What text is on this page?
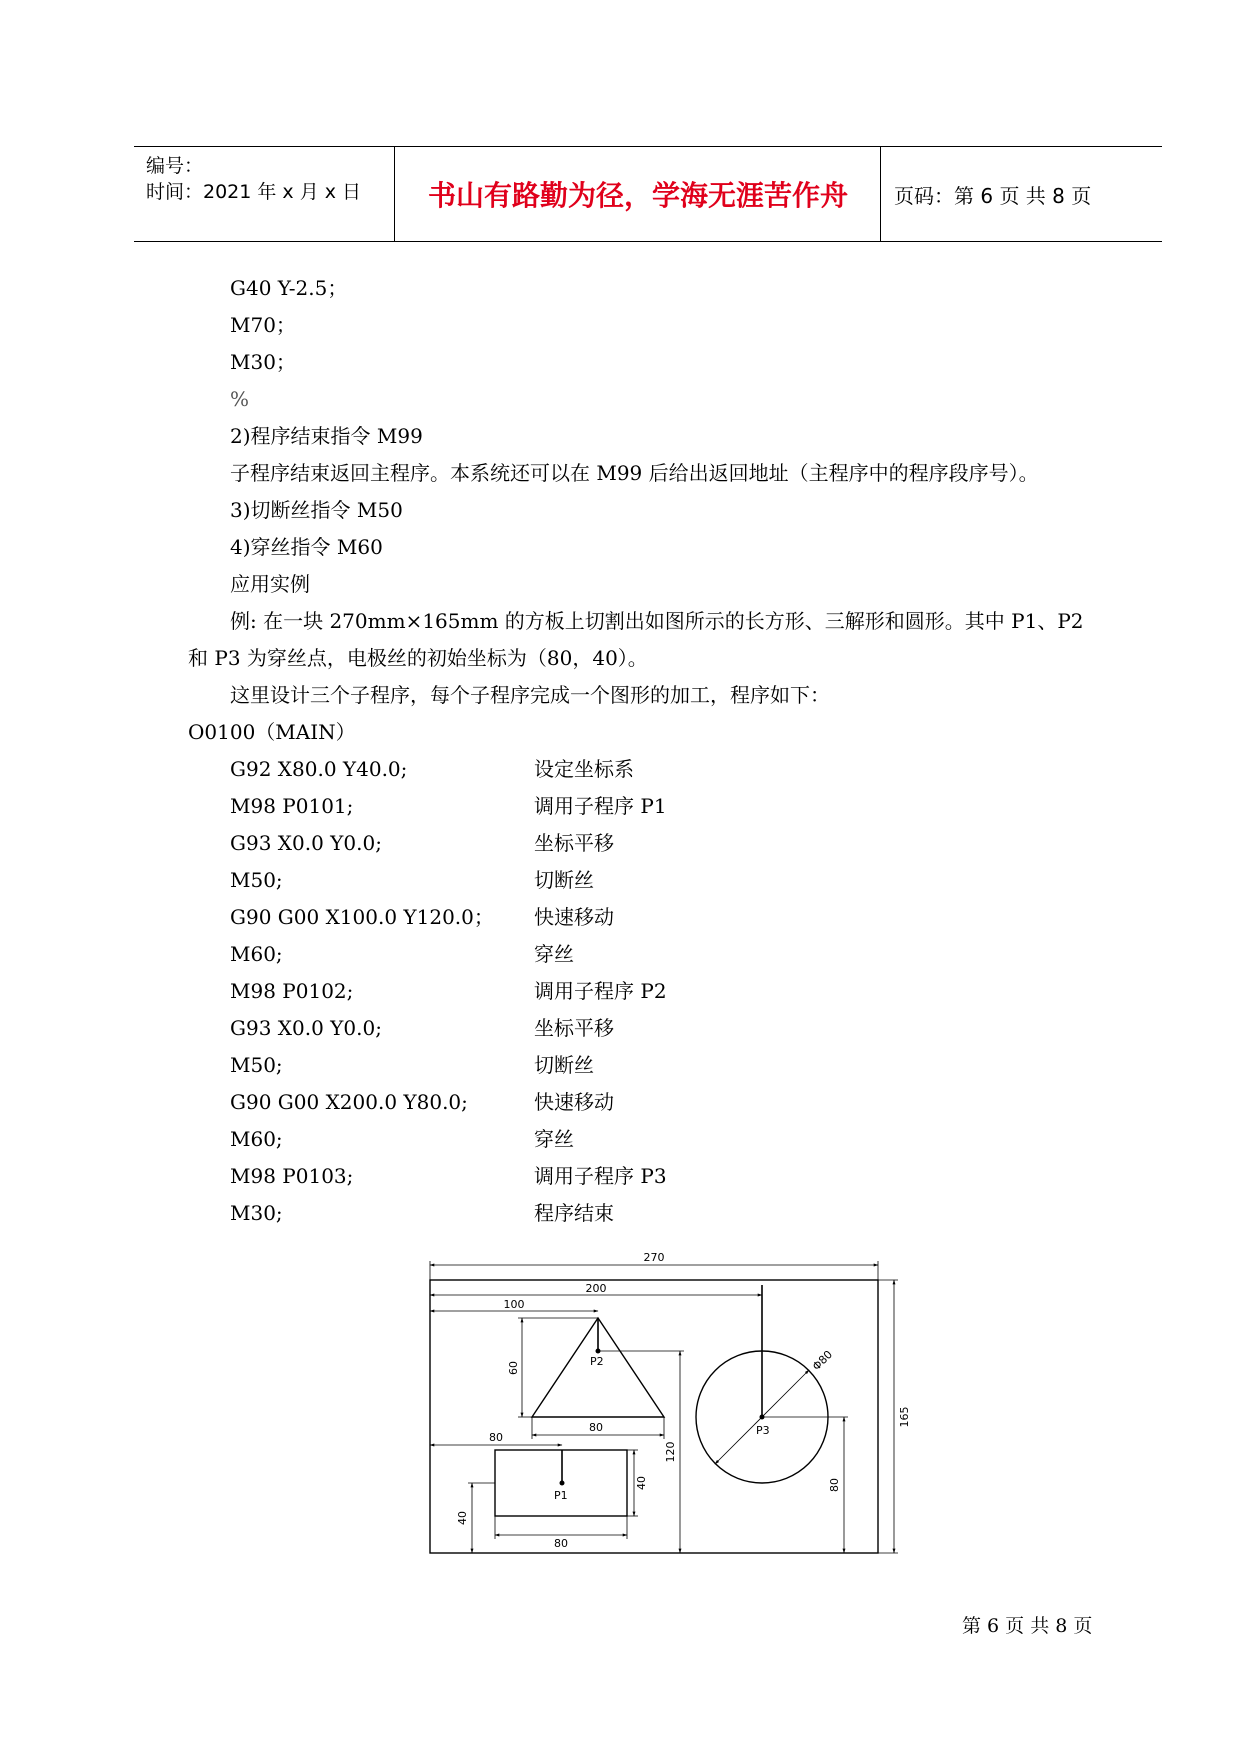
编号：
时间：2021 年 x 月 x 日	书山有路勤为径，学海无涯苦作舟	页码：第 6 页 共 8 页
G40 Y-2.5；
M70；
M30；
%
2)程序结束指令 M99
子程序结束返回主程序。本系统还可以在 M99 后给出返回地址（主程序中的程序段序号）。
3)切断丝指令 M50
4)穿丝指令 M60
应用实例
例: 在一块 270mm×165mm 的方板上切割出如图所示的长方形、三解形和圆形。其中 P1、P2
和 P3 为穿丝点，电极丝的初始坐标为（80，40）。
这里设计三个子程序，每个子程序完成一个图形的加工，程序如下：
O0100（MAIN）
G92 X80.0 Y40.0;	设定坐标系
M98 P0101;	调用子程序 P1
G93 X0.0 Y0.0;	坐标平移
M50;	切断丝
G90 G00 X100.0 Y120.0； 快速移动
M60;	穿丝
M98 P0102;	调用子程序 P2
G93 X0.0 Y0.0;	坐标平移
M50;	切断丝
G90 G00 X200.0 Y80.0;	快速移动
M60;	穿丝
M98 P0103;	调用子程序 P3
M30;	程序结束
270
200
100
60
80
80
40
80
40
120
80
165
Φ80
P2
P3
P1
第 6 页 共 8 页
